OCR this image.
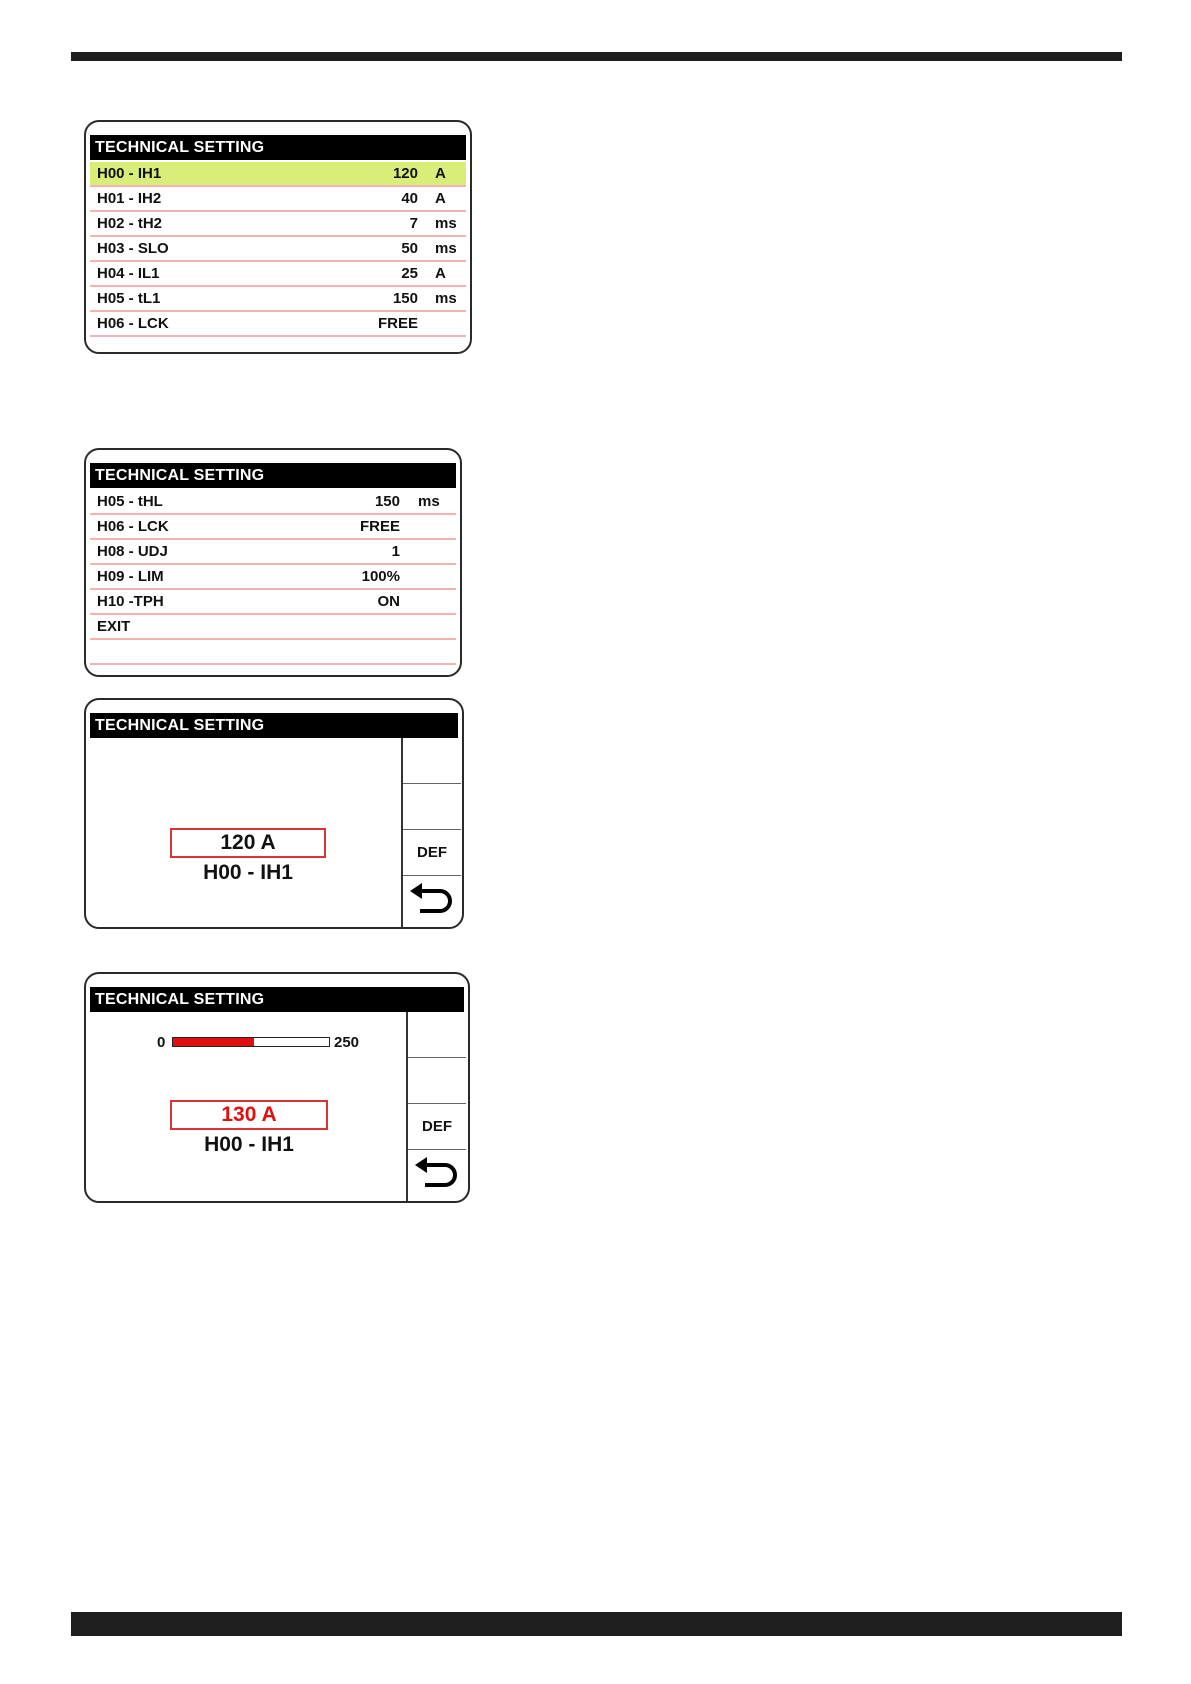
TECHNICAL SETTING
H00 - IH1	120 A
H01 - IH2	40 A
H02 - tH2	7 ms
H03 - SLO	50 ms
H04 - IL1	25 A
H05 - tL1	150 ms
H06 - LCK	FREE
TECHNICAL SETTING
H05 - tHL	150 ms
H06 - LCK	FREE
H08 - UDJ	1
H09 - LIM	100%
H10 -TPH	ON
EXIT
TECHNICAL SETTING
120 A
H00 - IH1
DEF
TECHNICAL SETTING
0	250
130 A
H00 - IH1
DEF
